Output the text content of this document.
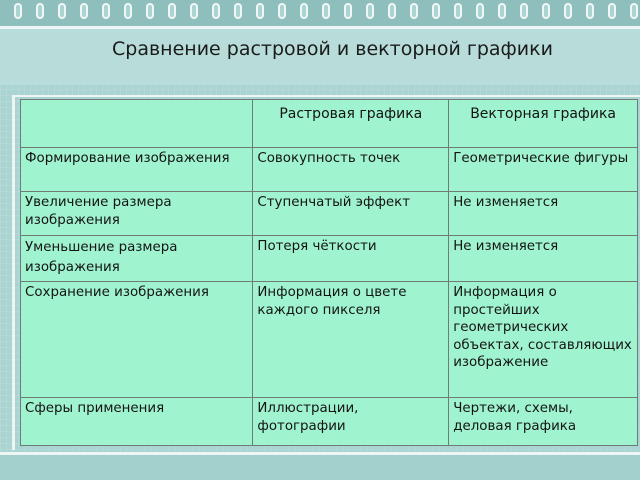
Сравнение растровой и векторной графики
	Растровая графика	Векторная графика
Формирование изображения	Совокупность точек	Геометрические фигуры
Увеличение размера изображения	Ступенчатый эффект	Не изменяется
Уменьшение размера изображения	Потеря чёткости	Не изменяется
Сохранение изображения	Информация о цвете каждого пикселя	Информация о простейших геометрических объектах, составляющих изображение
Сферы применения	Иллюстрации, фотографии	Чертежи, схемы, деловая графика
